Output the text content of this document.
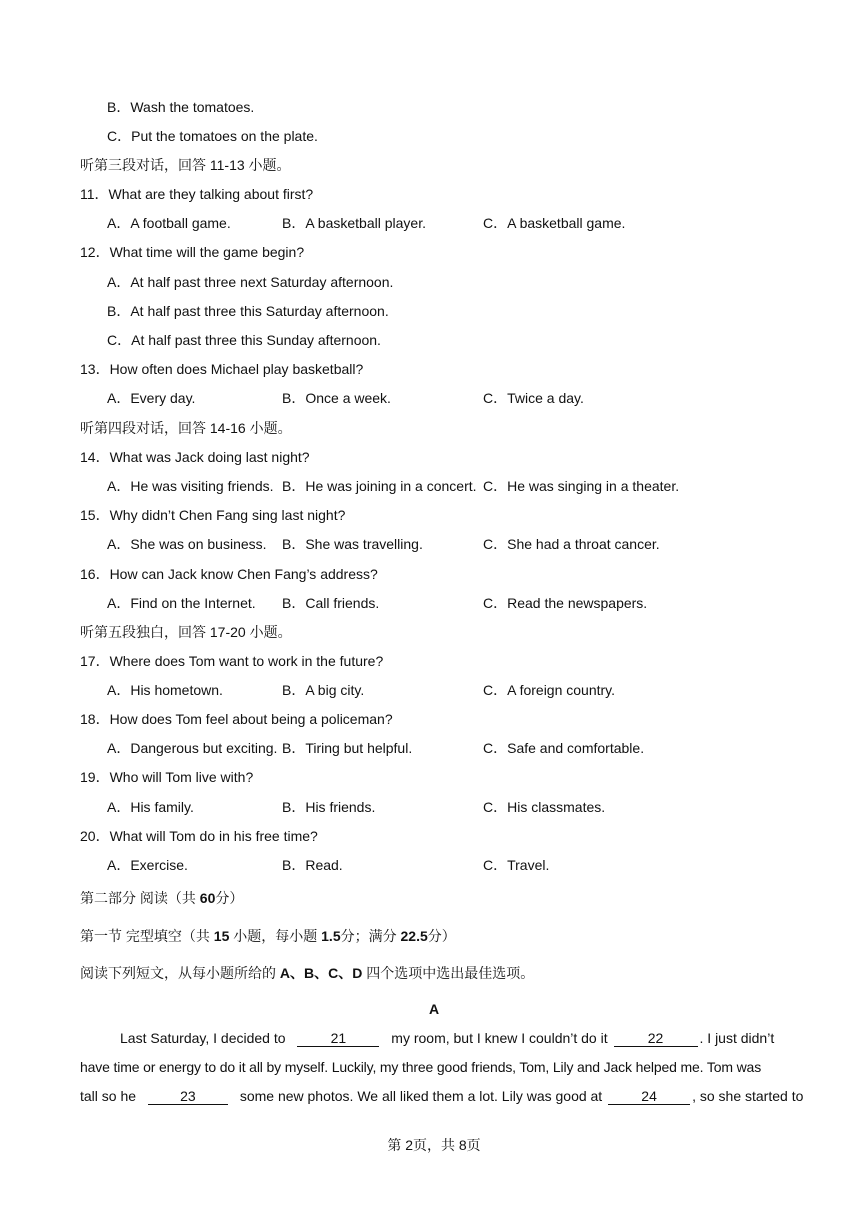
B．Wash the tomatoes.
C．Put the tomatoes on the plate.
听第三段对话，回答 11-13 小题。
11．What are they talking about first?
A．A football game.	B．A basketball player.	C．A basketball game.
12．What time will the game begin?
A．At half past three next Saturday afternoon.
B．At half past three this Saturday afternoon.
C．At half past three this Sunday afternoon.
13．How often does Michael play basketball?
A．Every day.	B．Once a week.	C．Twice a day.
听第四段对话，回答 14-16 小题。
14．What was Jack doing last night?
A．He was visiting friends. B．He was joining in a concert. C．He was singing in a theater.
15．Why didn’t Chen Fang sing last night?
A．She was on business. B．She was travelling.	C．She had a throat cancer.
16．How can Jack know Chen Fang’s address?
A．Find on the Internet. B．Call friends.	C．Read the newspapers.
听第五段独白，回答 17-20 小题。
17．Where does Tom want to work in the future?
A．His hometown.	B．A big city.	C．A foreign country.
18．How does Tom feel about being a policeman?
A．Dangerous but exciting. B．Tiring but helpful.	C．Safe and comfortable.
19．Who will Tom live with?
A．His family.	B．His friends.	C．His classmates.
20．What will Tom do in his free time?
A．Exercise.	B．Read.	C．Travel.
第二部分 阅读（共 60分）
第一节 完型填空（共 15 小题，每小题 1.5分；满分 22.5分）
阅读下列短文，从每小题所给的 A、B、C、D 四个选项中选出最佳选项。
A
Last Saturday, I decided to	21	my room, but I knew I couldn’t do it	22	. I just didn’t
have time or energy to do it all by myself. Luckily, my three good friends, Tom, Lily and Jack helped me. Tom was
tall so he	23	some new photos. We all liked them a lot. Lily was good at	24	, so she started to
第 2页，共 8页
